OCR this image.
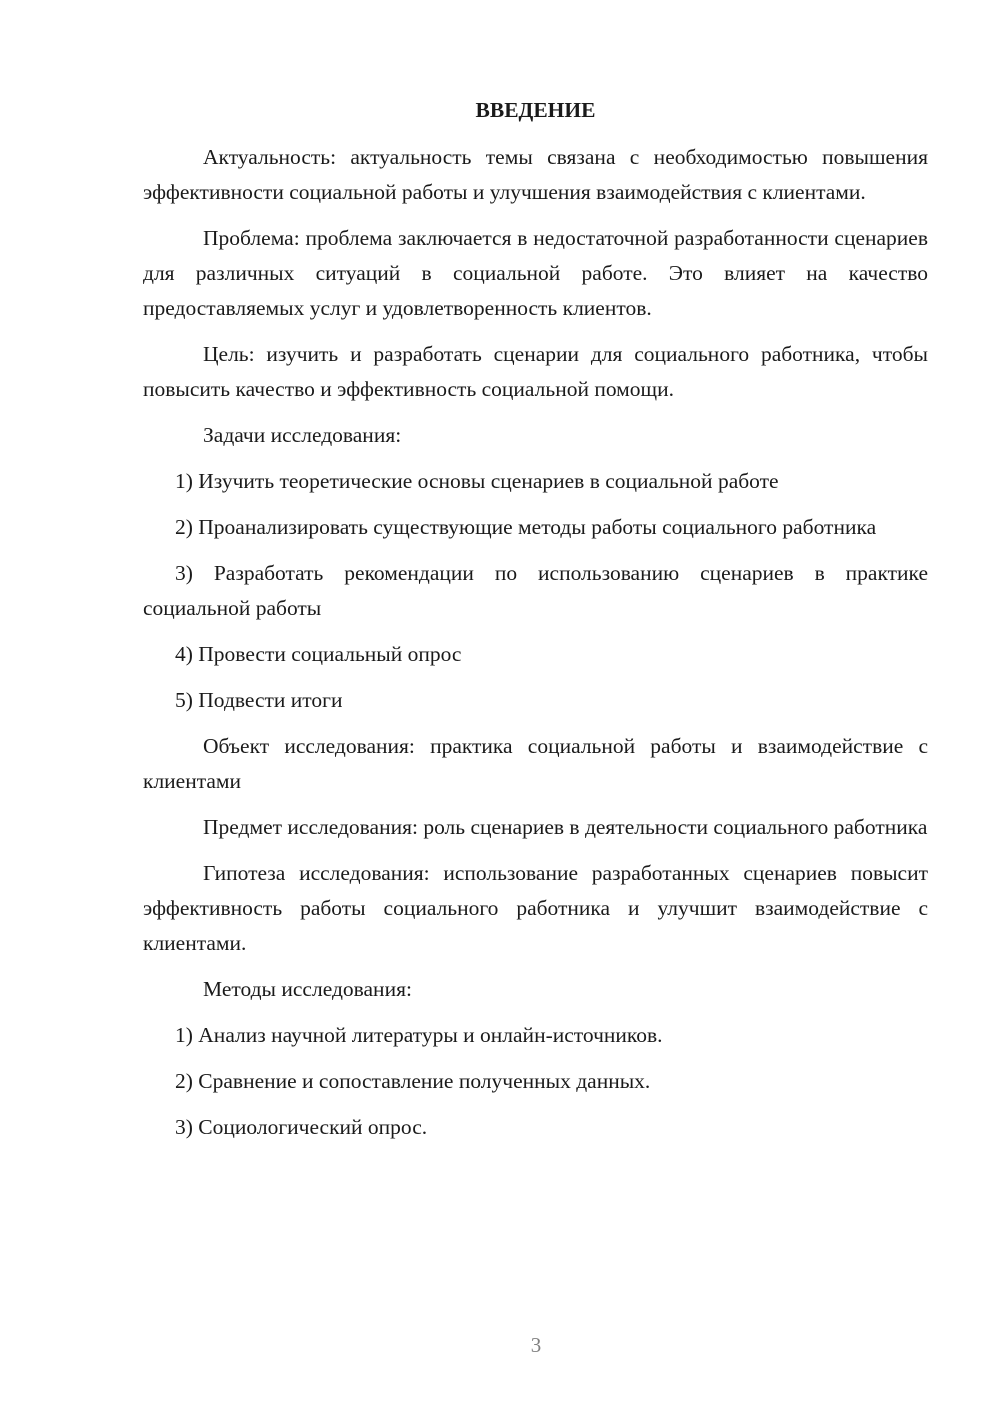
ВВЕДЕНИЕ

Актуальность: актуальность темы связана с необходимостью повышения эффективности социальной работы и улучшения взаимодействия с клиентами.

Проблема: проблема заключается в недостаточной разработанности сценариев для различных ситуаций в социальной работе. Это влияет на качество предоставляемых услуг и удовлетворенность клиентов.

Цель: изучить и разработать сценарии для социального работника, чтобы повысить качество и эффективность социальной помощи.

Задачи исследования:

1) Изучить теоретические основы сценариев в социальной работе

2) Проанализировать существующие методы работы социального работника

3) Разработать рекомендации по использованию сценариев в практике социальной работы

4) Провести социальный опрос

5) Подвести итоги

Объект исследования: практика социальной работы и взаимодействие с клиентами

Предмет исследования: роль сценариев в деятельности социального работника

Гипотеза исследования: использование разработанных сценариев повысит эффективность работы социального работника и улучшит взаимодействие с клиентами.

Методы исследования:

1) Анализ научной литературы и онлайн-источников.

2) Сравнение и сопоставление полученных данных.

3) Социологический опрос.

3
